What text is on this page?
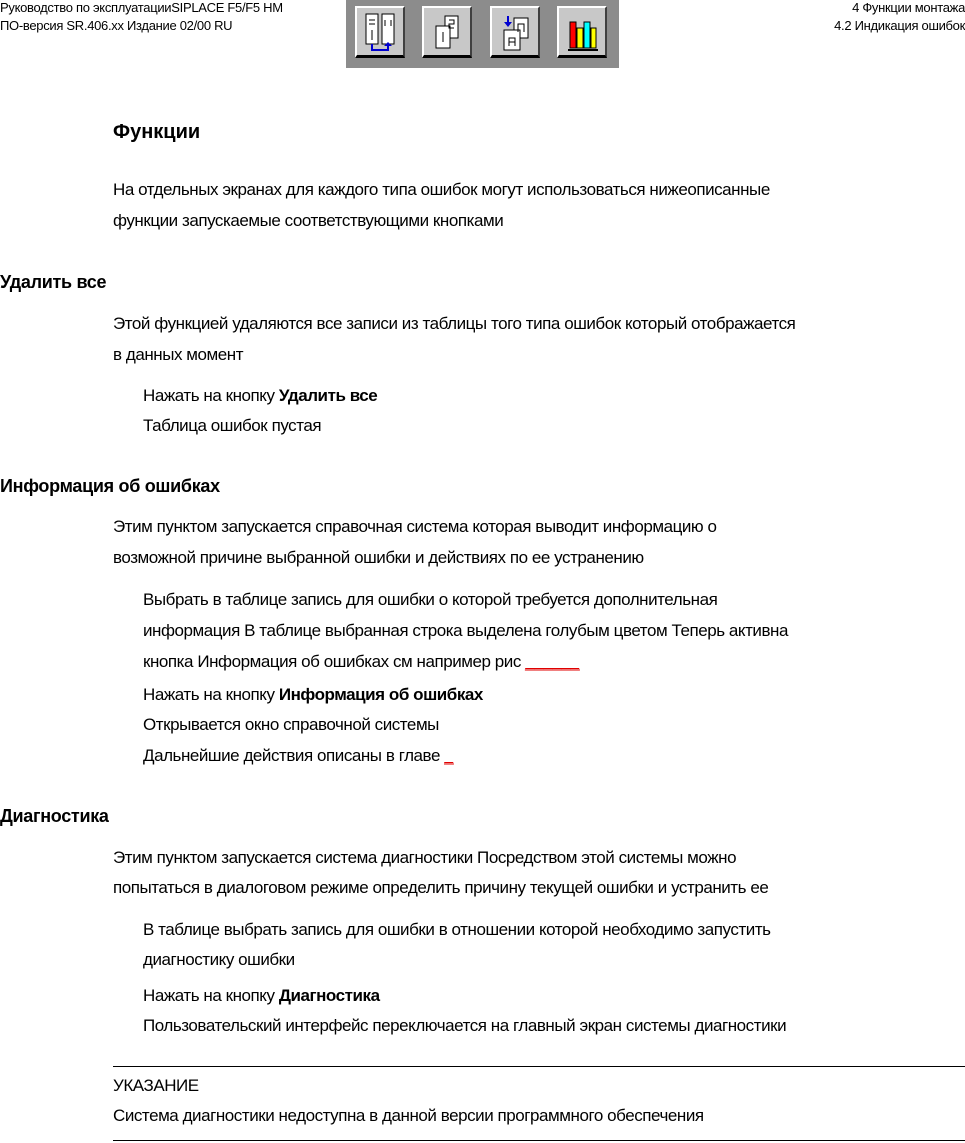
Руководство по эксплуатацииSIPLACE F5/F5 HM
ПО-версия SR.406.xx Издание 02/00 RU
4 Функции монтажа
4.2 Индикация ошибок
Функции
На отдельных экранах для каждого типа ошибок могут использоваться нижеописанные
функции запускаемые соответствующими кнопками
Удалить все
Этой функцией удаляются все записи из таблицы того типа ошибок который отображается
в данных момент
Нажать на кнопку Удалить все
Таблица ошибок пустая
Информация об ошибках
Этим пунктом запускается справочная система которая выводит информацию о
возможной причине выбранной ошибки и действиях по ее устранению
Выбрать в таблице запись для ошибки о которой требуется дополнительная
информация В таблице выбранная строка выделена голубым цветом Теперь активна
кнопка Информация об ошибках см например рис ______
Нажать на кнопку Информация об ошибках
Открывается окно справочной системы
Дальнейшие действия описаны в главе _
Диагностика
Этим пунктом запускается система диагностики Посредством этой системы можно
попытаться в диалоговом режиме определить причину текущей ошибки и устранить ее
В таблице выбрать запись для ошибки в отношении которой необходимо запустить
диагностику ошибки
Нажать на кнопку Диагностика
Пользовательский интерфейс переключается на главный экран системы диагностики
УКАЗАНИЕ
Система диагностики недоступна в данной версии программного обеспечения
